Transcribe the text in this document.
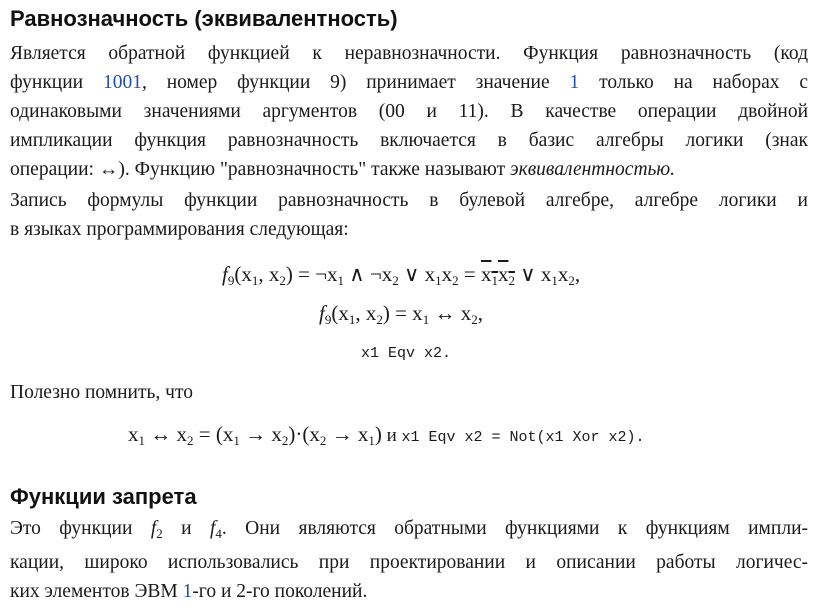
Равнозначность (эквивалентность)
Является обратной функцией к неравнозначности. Функция равнозначность (код
функции 1001, номер функции 9) принимает значение 1 только на наборах с
одинаковыми значениями аргументов (00 и 11). В качестве операции двойной
импликации функция равнозначность включается в базис алгебры логики (знак
операции: ↔). Функцию "равнозначность" также называют эквивалентностью.
Запись формулы функции равнозначность в булевой алгебре, алгебре логики и
в языках программирования следующая:
$f_9(x_1$, $x_2$) = $\neg x_1$ ∧ $\neg x_2$ ∨ $x_1x_2 = x_1x_2$ ∨ $x_1x_2$,
$f_9(x_1$, $x_2) = x_1$ ↔ $x_2$,
x1 Eqv x2.
Полезно помнить, что
$x_1$ ↔ $x_2 = (x_1 \to x_2)\cdot(x_2 \to x_1)$ и x1 Eqv x2 = Not(x1 Xor x2).
Функции запрета
Это функции $f_2$ и $f_4$. Они являются обратными функциями к функциям импли-
кации, широко использовались при проектировании и описании работы логичес-
ких элементов ЭВМ 1-го и 2-го поколений.
